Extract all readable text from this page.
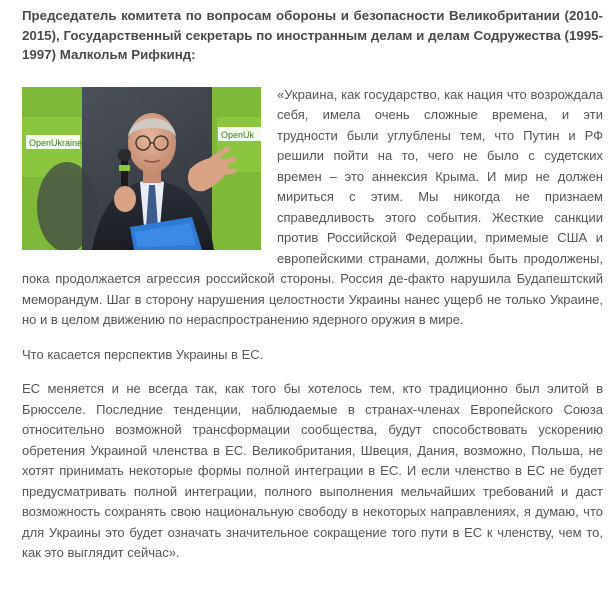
Председатель комитета по вопросам обороны и безопасности Великобритании (2010-2015), Государственный секретарь по иностранным делам и делам Содружества (1995-1997) Малкольм Рифкинд:

OpenUkraine
OpenUk

«Украина, как государство, как нация что возрождала себя, имела очень сложные времена, и эти трудности были углублены тем, что Путин и РФ решили пойти на то, чего не было с судетских времен – это аннексия Крыма. И мир не должен мириться с этим. Мы никогда не признаем справедливость этого события. Жесткие санкции против Российской Федерации, примемые США и европейскими странами, должны быть продолжены, пока продолжается агрессия российской стороны. Россия де-факто нарушила Будапештский меморандум. Шаг в сторону нарушения целостности Украины нанес ущерб не только Украине, но и в целом движению по нераспространению ядерного оружия в мире.

Что касается перспектив Украины в ЕС.

ЕС меняется и не всегда так, как того бы хотелось тем, кто традиционно был элитой в Брюсселе. Последние тенденции, наблюдаемые в странах-членах Европейского Союза относительно возможной трансформации сообщества, будут способствовать ускорению обретения Украиной членства в ЕС. Великобритания, Швеция, Дания, возможно, Польша, не хотят принимать некоторые формы полной интеграции в ЕС. И если членство в ЕС не будет предусматривать полной интеграции, полного выполнения мельчайших требований и даст возможность сохранять свою национальную свободу в некоторых направлениях, я думаю, что для Украины это будет означать значительное сокращение того пути в ЕС к членству, чем то, как это выглядит сейчас».
